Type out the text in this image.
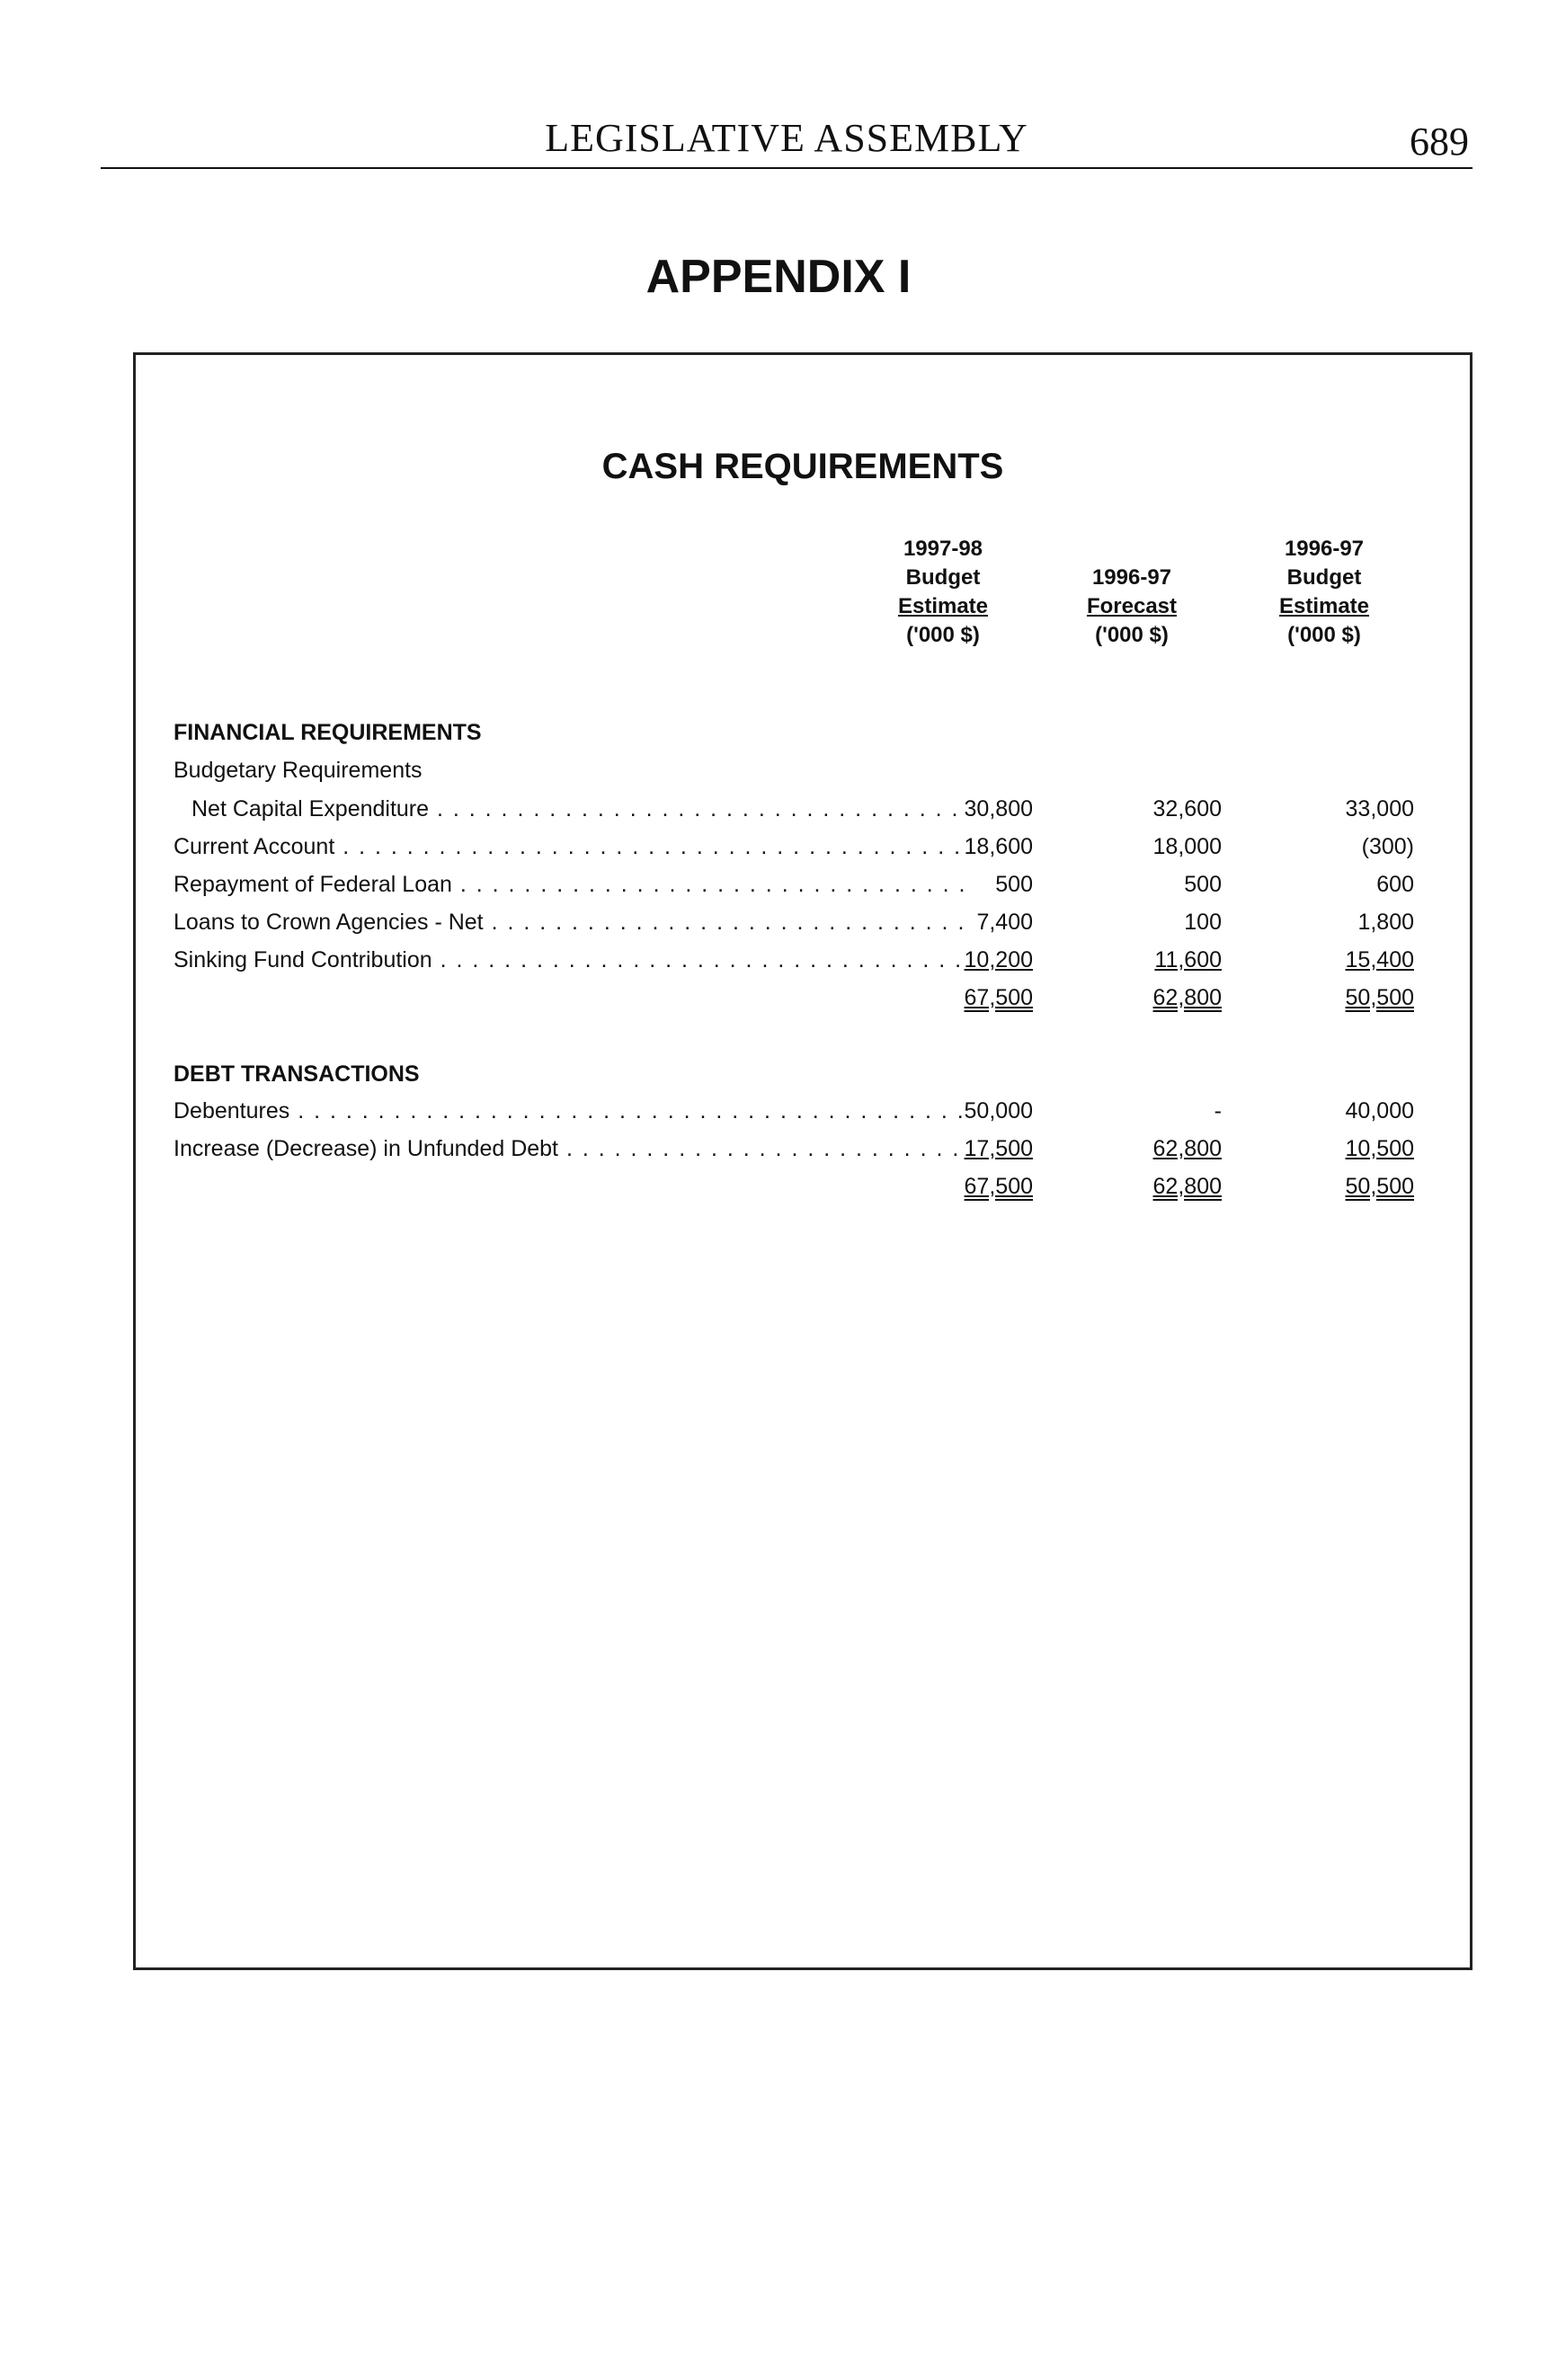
LEGISLATIVE ASSEMBLY	689
APPENDIX I
CASH REQUIREMENTS
1997-98
Budget
Estimate
('000 $)
1996-97
Forecast
('000 $)
1996-97
Budget
Estimate
('000 $)
FINANCIAL REQUIREMENTS
Budgetary Requirements
Net Capital Expenditure . . .	30,800	32,600	33,000
Current Account . . .	18,600	18,000	(300)
Repayment of Federal Loan . . .	500	500	600
Loans to Crown Agencies - Net . . .	7,400	100	1,800
Sinking Fund Contribution . . .	10,200	11,600	15,400
67,500	62,800	50,500
DEBT TRANSACTIONS
Debentures . . .	50,000	-	40,000
Increase (Decrease) in Unfunded Debt . . .	17,500	62,800	10,500
67,500	62,800	50,500
